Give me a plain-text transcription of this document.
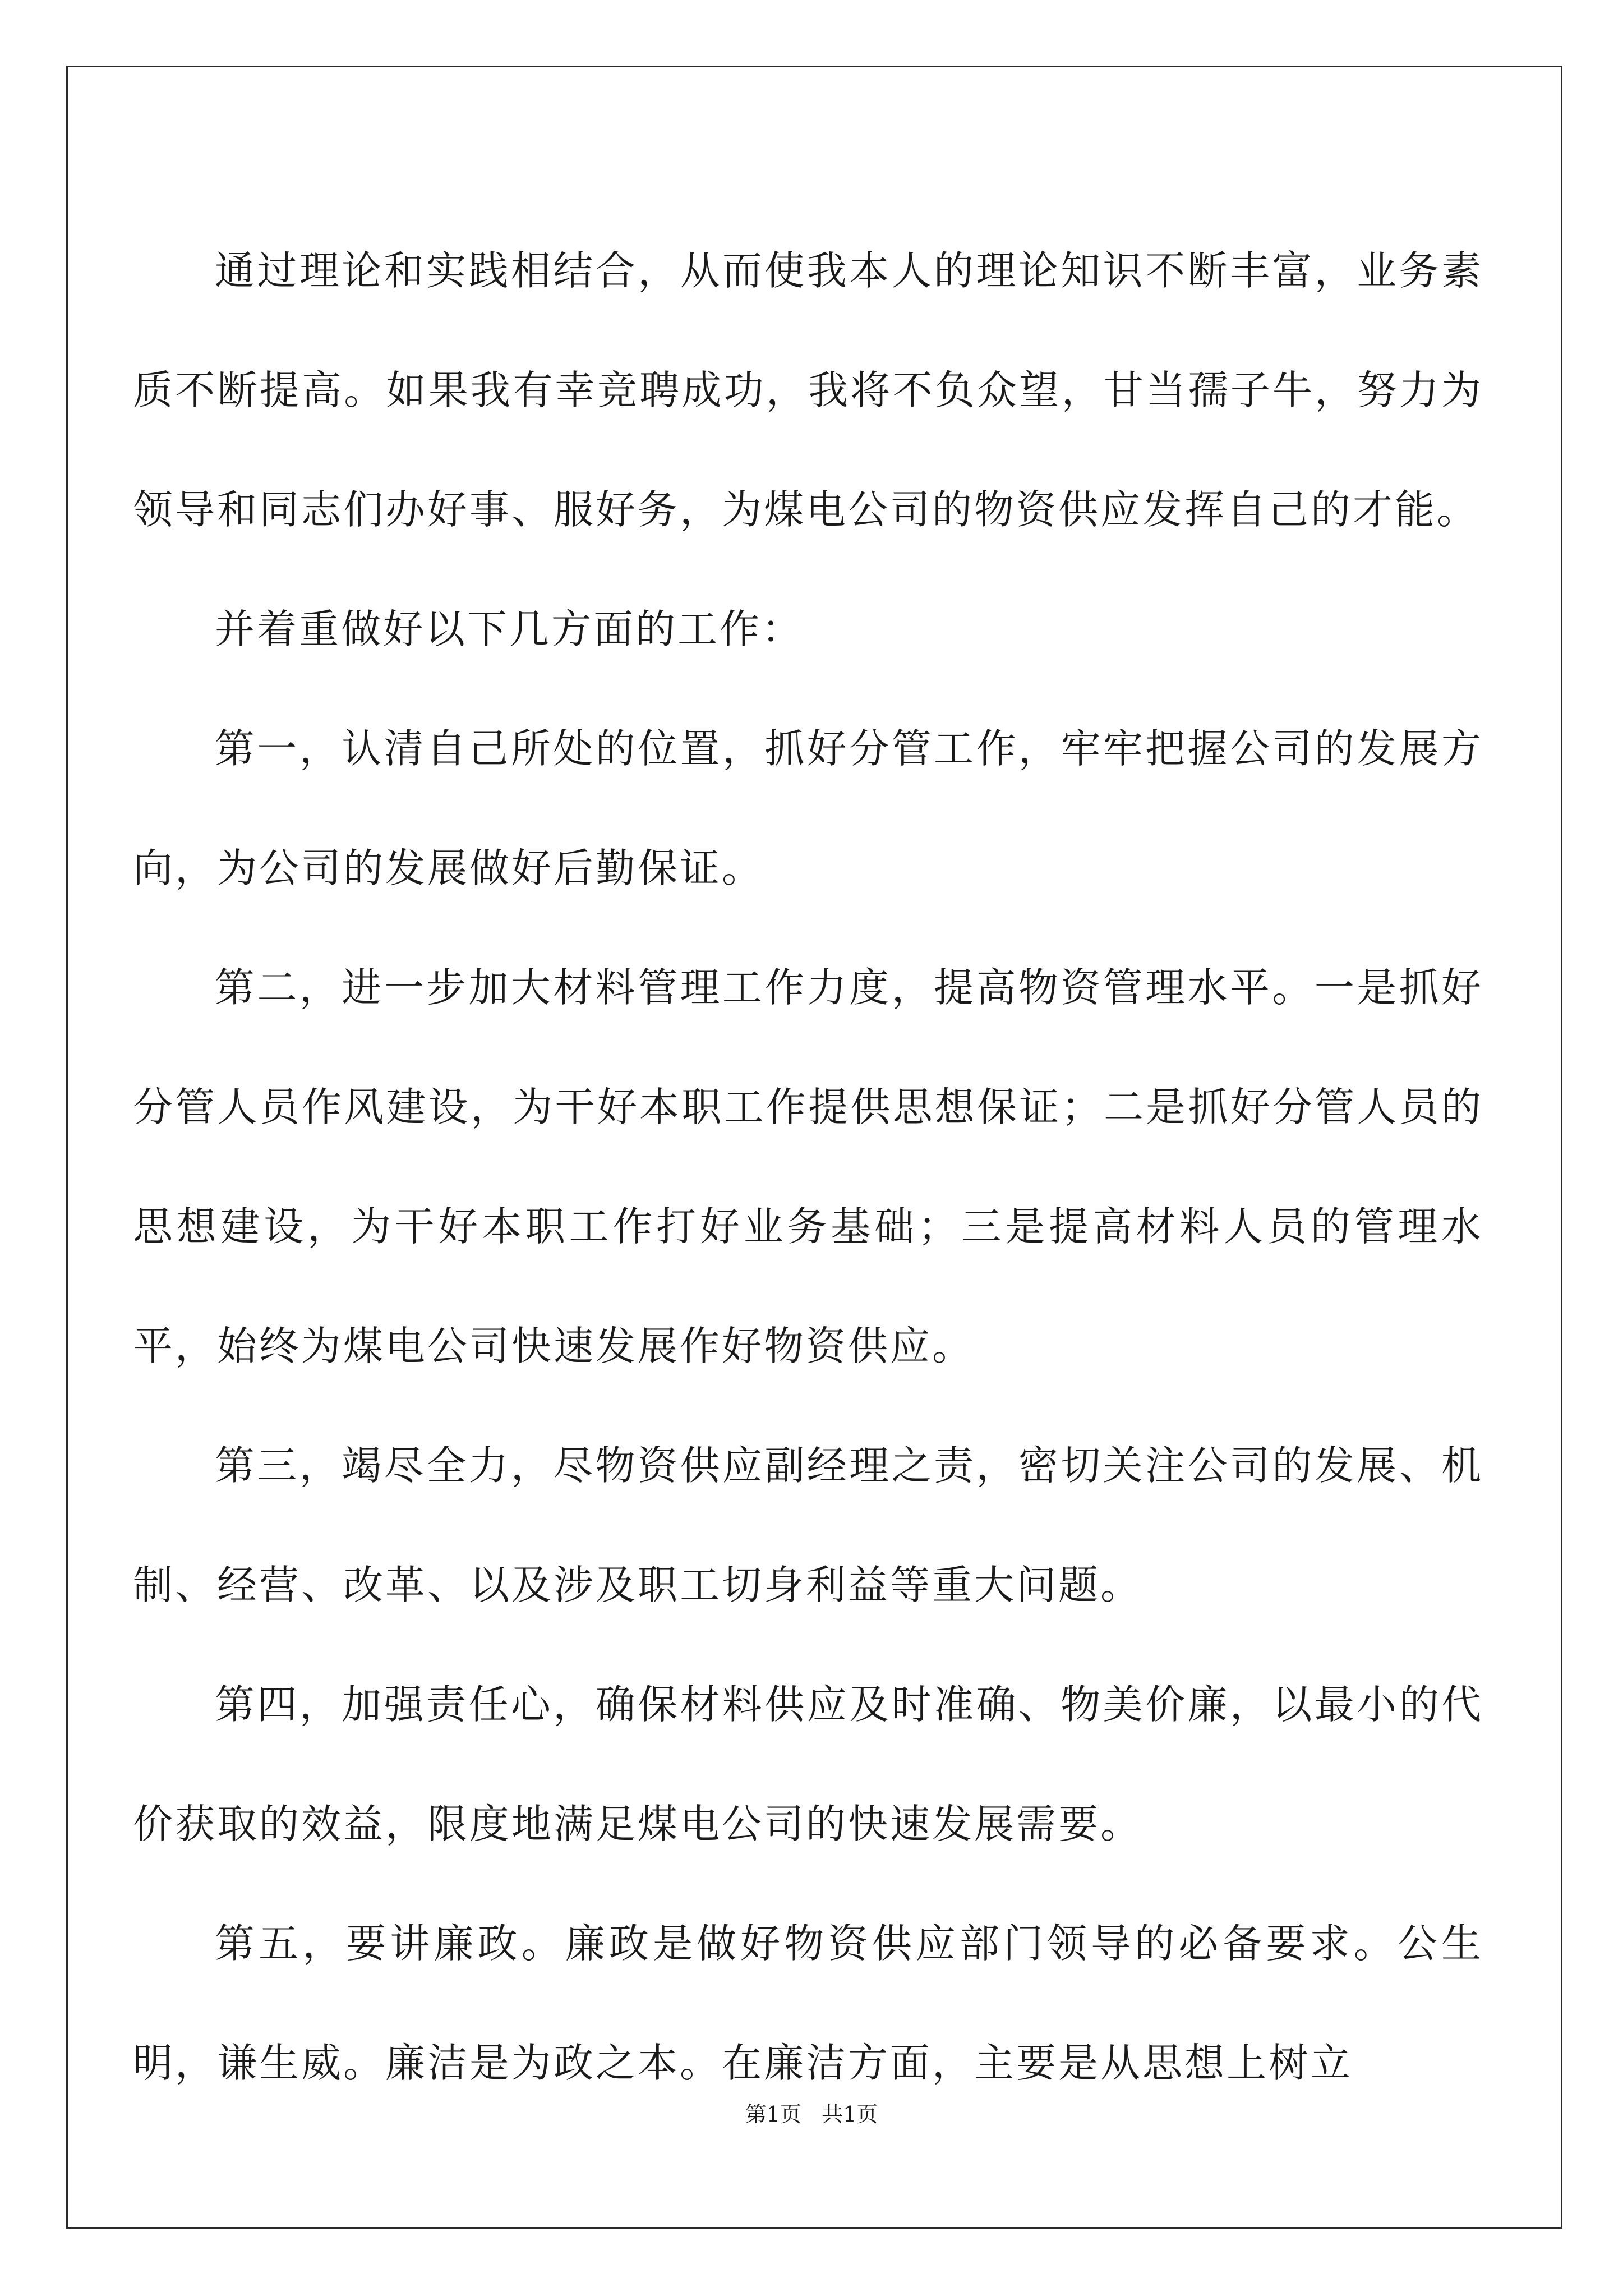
通过理论和实践相结合，从而使我本人的理论知识不断丰富，业务素质不断提高。如果我有幸竞聘成功，我将不负众望，甘当孺子牛，努力为领导和同志们办好事、服好务，为煤电公司的物资供应发挥自己的才能。

并着重做好以下几方面的工作：

第一，认清自己所处的位置，抓好分管工作，牢牢把握公司的发展方向，为公司的发展做好后勤保证。

第二，进一步加大材料管理工作力度，提高物资管理水平。一是抓好分管人员作风建设，为干好本职工作提供思想保证；二是抓好分管人员的思想建设，为干好本职工作打好业务基础；三是提高材料人员的管理水平，始终为煤电公司快速发展作好物资供应。

第三，竭尽全力，尽物资供应副经理之责，密切关注公司的发展、机制、经营、改革、以及涉及职工切身利益等重大问题。

第四，加强责任心，确保材料供应及时准确、物美价廉，以最小的代价获取的效益，限度地满足煤电公司的快速发展需要。

第五，要讲廉政。廉政是做好物资供应部门领导的必备要求。公生明，谦生威。廉洁是为政之本。在廉洁方面，主要是从思想上树立

第1页   共1页
